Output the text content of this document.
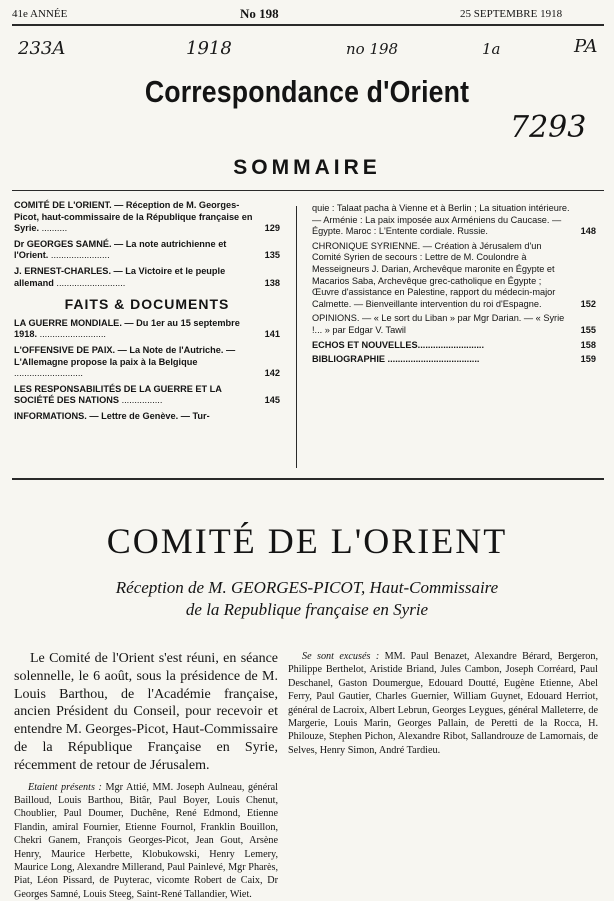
41e ANNÉE	No 198	25 SEPTEMBRE 1918
233A	1918	no 198	1a	PA
7293
Correspondance d'Orient
SOMMAIRE
COMITÉ DE L'ORIENT. — Réception de M. Georges-Picot, haut-commissaire de la République française en Syrie. ..........	129
Dr GEORGES SAMNÉ. — La note autrichienne et l'Orient. .......................	135
J. ERNEST-CHARLES. — La Victoire et le peuple allemand ...........................	138
FAITS & DOCUMENTS
LA GUERRE MONDIALE. — Du 1er au 15 septembre 1918. ..........................	141
L'OFFENSIVE DE PAIX. — La Note de l'Autriche. — L'Allemagne propose la paix à la Belgique ...........................	142
LES RESPONSABILITÉS DE LA GUERRE ET LA SOCIÉTÉ DES NATIONS ................	145
INFORMATIONS. — Lettre de Genève. — Tur-
quie : Talaat pacha à Vienne et à Berlin ; La situation intérieure. — Arménie : La paix imposée aux Arméniens du Caucase. — Égypte. Maroc : L'Entente cordiale. Russie.	148
CHRONIQUE SYRIENNE. — Création à Jérusalem d'un Comité Syrien de secours : Lettre de M. Coulondre à Messeigneurs J. Darian, Archevêque maronite en Égypte et Macarios Saba, Archevêque grec-catholique en Égypte ; Œuvre d'assistance en Palestine, rapport du médecin-major Calmette. — Bienveillante intervention du roi d'Espagne.	152
OPINIONS. — « Le sort du Liban » par Mgr Darian. — « Syrie !... » par Edgar V. Tawil	155
ECHOS ET NOUVELLES..........................	158
BIBLIOGRAPHIE ....................................	159
COMITÉ DE L'ORIENT
Réception de M. GEORGES-PICOT, Haut-Commissaire
de la Republique française en Syrie

Le Comité de l'Orient s'est réuni, en séance solennelle, le 6 août, sous la présidence de M. Louis Barthou, de l'Académie française, ancien Président du Conseil, pour recevoir et entendre M. Georges-Picot, Haut-Commissaire de la République Française en Syrie, récemment de retour de Jérusalem.

Etaient présents : Mgr Attié, MM. Joseph Aulneau, général Bailloud, Louis Barthou, Bitâr, Paul Boyer, Louis Chenut, Choublier, Paul Doumer, Duchêne, René Edmond, Etienne Flandin, amiral Fournier, Etienne Fournol, Franklin Bouillon, Chekri Ganem, François Georges-Picot, Jean Gout, Arsène Henry, Maurice Herbette, Klobukowski, Henry Lemery, Maurice Long, Alexandre Millerand, Paul Painlevé, Mgr Pharès, Piat, Léon Pissard, de Puyterac, vicomte Robert de Caix, Dr Georges Samné, Louis Steeg, Saint-René Tallandier, Wiet.

Se sont excusés : MM. Paul Benazet, Alexandre Bérard, Bergeron, Philippe Berthelot, Aristide Briand, Jules Cambon, Joseph Corréard, Paul Deschanel, Gaston Doumergue, Edouard Doutté, Eugène Etienne, Abel Ferry, Paul Gautier, Charles Guernier, William Guynet, Edouard Herriot, général de Lacroix, Albert Lebrun, Georges Leygues, général Malleterre, de Margerie, Louis Marin, Georges Pallain, de Peretti de la Rocca, H. Philouze, Stephen Pichon, Alexandre Ribot, Sallandrouze de Lamornais, de Selves, Henry Simon, André Tardieu.
